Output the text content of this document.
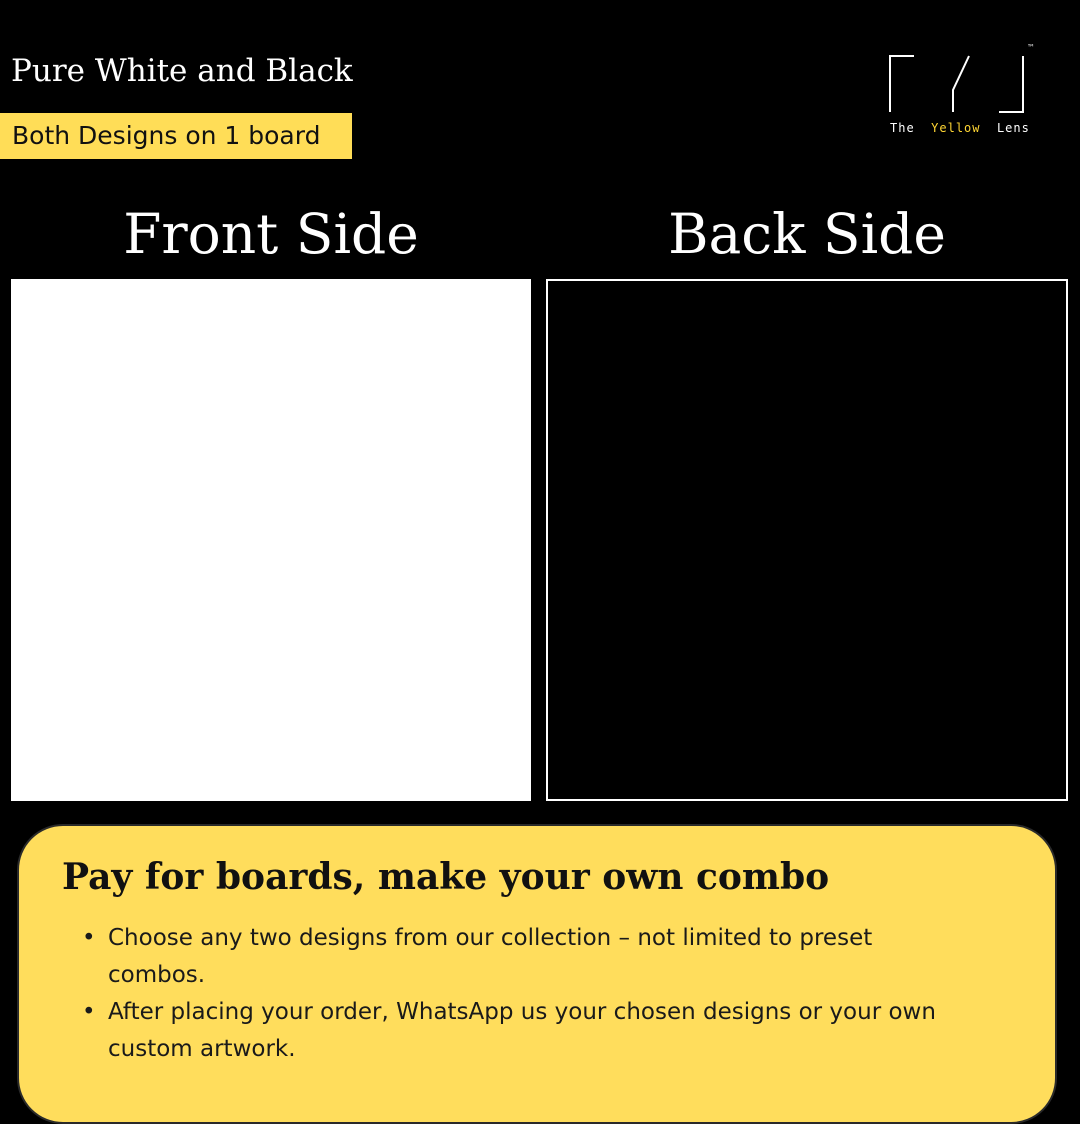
Pure White and Black
Both Designs on 1 board
™
The Yellow Lens
Front Side	Back Side
Pay for boards, make your own combo
• Choose any two designs from our collection – not limited to preset combos.
• After placing your order, WhatsApp us your chosen designs or your own custom artwork.
